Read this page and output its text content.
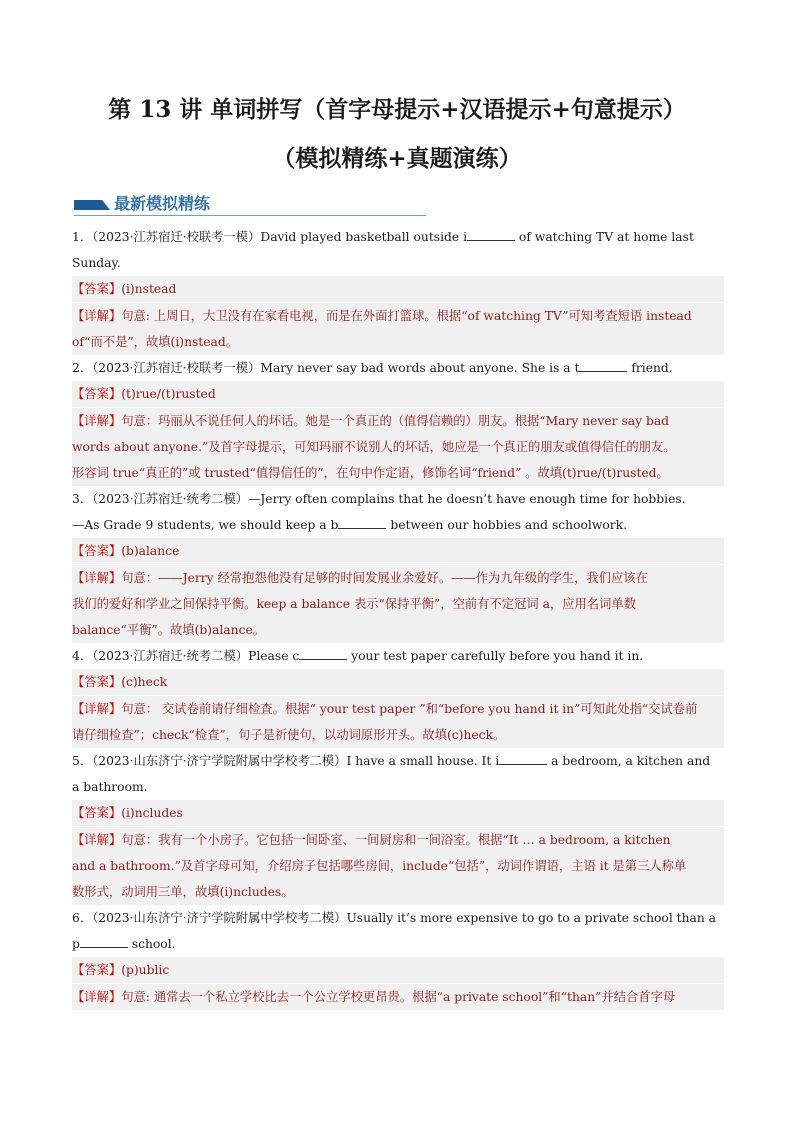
第 13 讲 单词拼写（首字母提示+汉语提示+句意提示）
（模拟精练+真题演练）
最新模拟精练
1．（2023·江苏宿迁·校联考一模）David played basketball outside i	of watching TV at home last
Sunday.
【答案】(i)nstead
【详解】句意: 上周日，大卫没有在家看电视，而是在外面打篮球。根据“of watching TV”可知考查短语 instead
of“而不是”，故填(i)nstead。
2．（2023·江苏宿迁·校联考一模）Mary never say bad words about anyone. She is a t	friend.
【答案】(t)rue/(t)rusted
【详解】句意：玛丽从不说任何人的坏话。她是一个真正的（值得信赖的）朋友。根据“Mary never say bad
words about anyone.”及首字母提示，可知玛丽不说别人的坏话，她应是一个真正的朋友或值得信任的朋友。
形容词 true“真正的”或 trusted“值得信任的”，在句中作定语，修饰名词“friend” 。故填(t)rue/(t)rusted。
3．（2023·江苏宿迁·统考二模）—Jerry often complains that he doesn’t have enough time for hobbies.
—As Grade 9 students, we should keep a b	between our hobbies and schoolwork.
【答案】(b)alance
【详解】句意：——Jerry 经常抱怨他没有足够的时间发展业余爱好。——作为九年级的学生，我们应该在
我们的爱好和学业之间保持平衡。keep a balance 表示“保持平衡”，空前有不定冠词 a，应用名词单数
balance“平衡”。故填(b)alance。
4．（2023·江苏宿迁·统考二模）Please c	your test paper carefully before you hand it in.
【答案】(c)heck
【详解】句意： 交试卷前请仔细检查。根据“ your test paper ”和“before you hand it in”可知此处指“交试卷前
请仔细检查”；check“检查”，句子是祈使句，以动词原形开头。故填(c)heck。
5．（2023·山东济宁·济宁学院附属中学校考二模）I have a small house. It i	a bedroom, a kitchen and
a bathroom.
【答案】(i)ncludes
【详解】句意：我有一个小房子。它包括一间卧室、一间厨房和一间浴室。根据“It … a bedroom, a kitchen
and a bathroom.”及首字母可知，介绍房子包括哪些房间，include“包括”，动词作谓语，主语 it 是第三人称单
数形式，动词用三单，故填(i)ncludes。
6．（2023·山东济宁·济宁学院附属中学校考二模）Usually it’s more expensive to go to a private school than a
p	school.
【答案】(p)ublic
【详解】句意: 通常去一个私立学校比去一个公立学校更昂贵。根据“a private school”和“than”并结合首字母
